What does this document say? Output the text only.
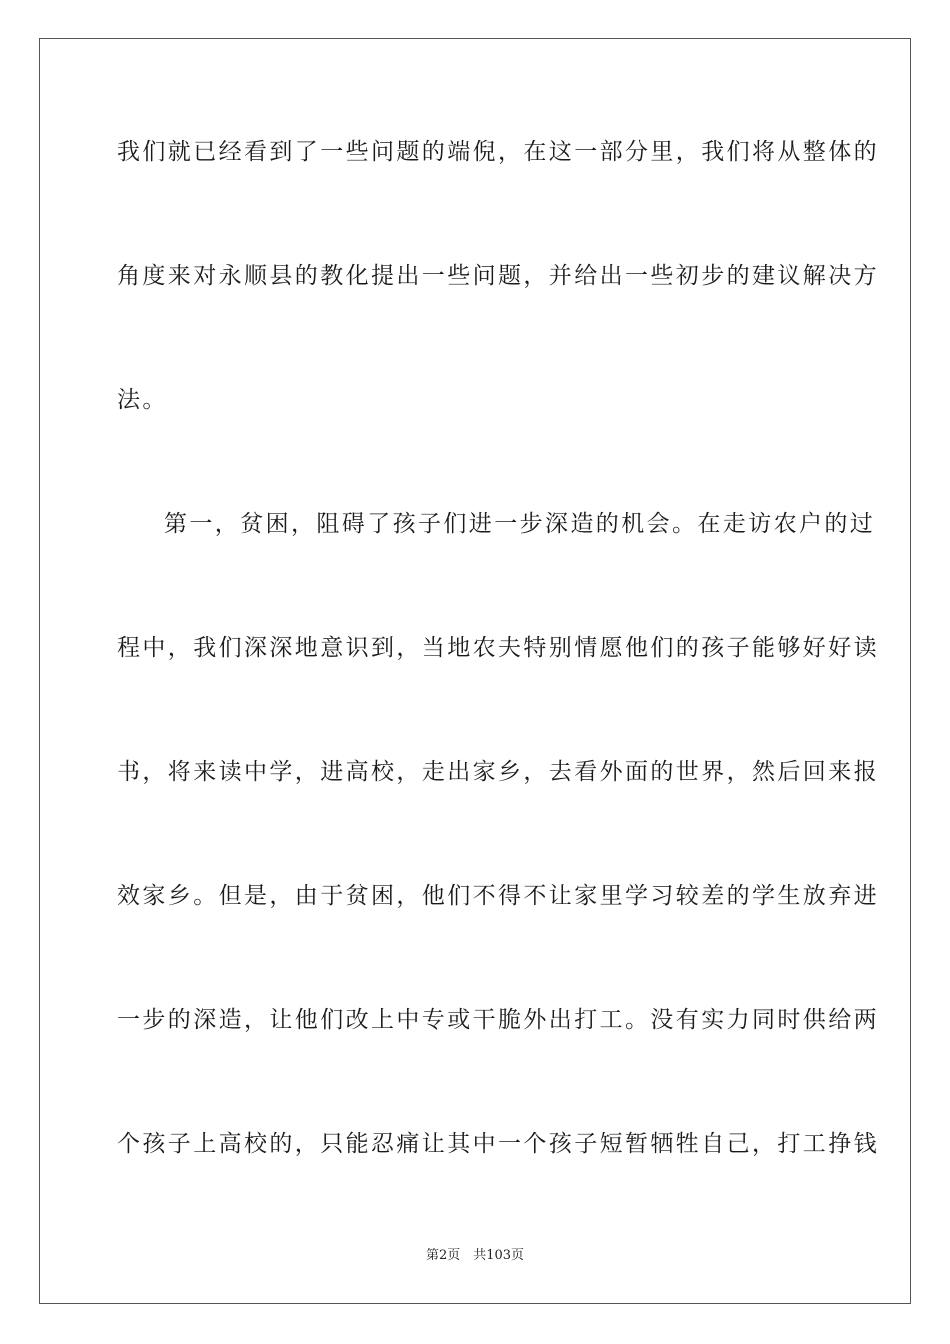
我们就已经看到了一些问题的端倪，在这一部分里，我们将从整体的
角度来对永顺县的教化提出一些问题，并给出一些初步的建议解决方
法。
第一，贫困，阻碍了孩子们进一步深造的机会。在走访农户的过
程中，我们深深地意识到，当地农夫特别情愿他们的孩子能够好好读
书，将来读中学，进高校，走出家乡，去看外面的世界，然后回来报
效家乡。但是，由于贫困，他们不得不让家里学习较差的学生放弃进
一步的深造，让他们改上中专或干脆外出打工。没有实力同时供给两
个孩子上高校的，只能忍痛让其中一个孩子短暂牺牲自己，打工挣钱
第2页　共103页
